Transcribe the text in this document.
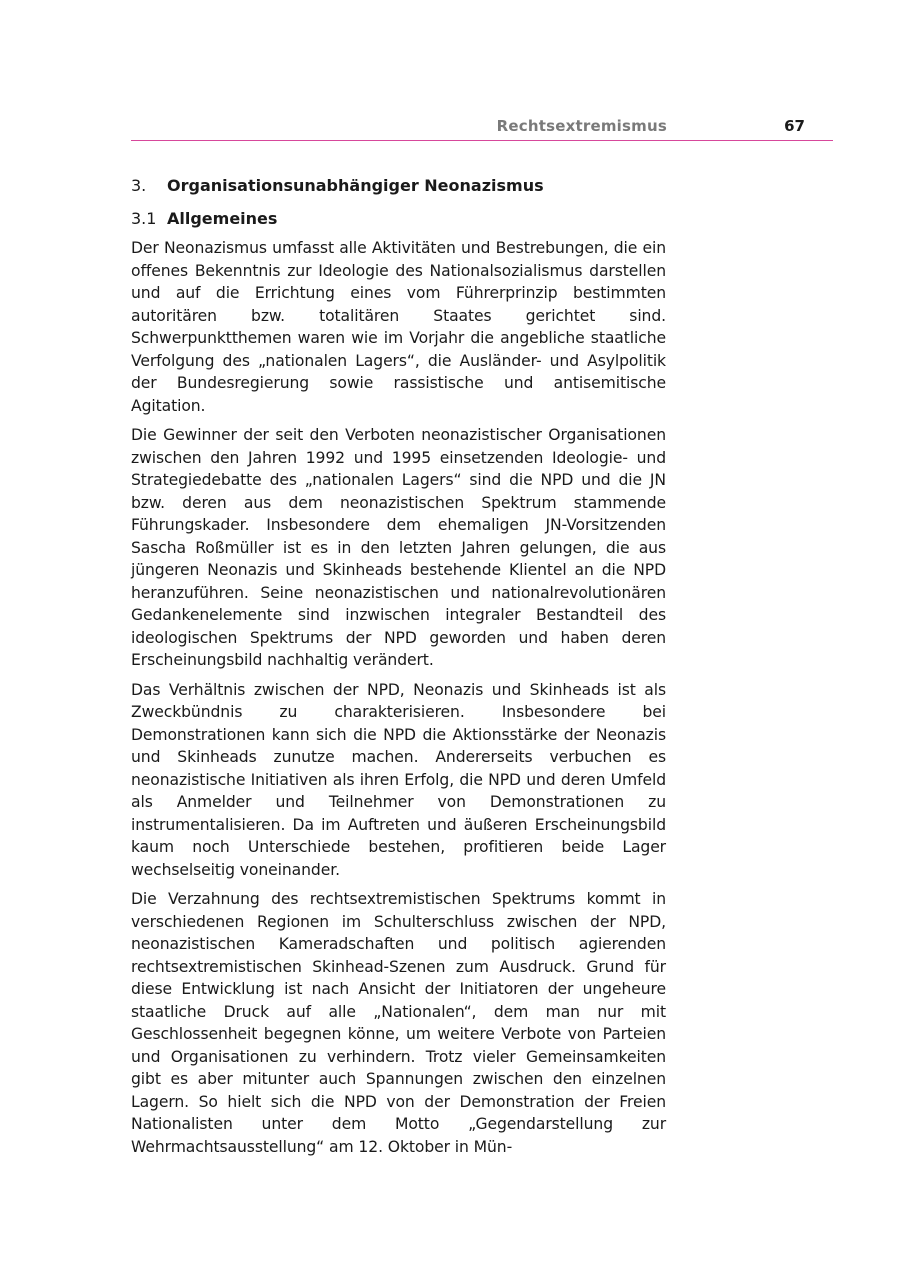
Rechtsextremismus	67
3. Organisationsunabhängiger Neonazismus
3.1 Allgemeines

Der Neonazismus umfasst alle Aktivitäten und Bestrebungen, die ein offenes Bekenntnis zur Ideologie des Nationalsozialismus darstellen und auf die Errichtung eines vom Führerprinzip bestimmten autoritären bzw. totalitären Staates gerichtet sind. Schwerpunktthemen waren wie im Vorjahr die angebliche staatliche Verfolgung des „nationalen Lagers“, die Ausländer- und Asylpolitik der Bundesregierung sowie rassistische und antisemitische Agitation.

Die Gewinner der seit den Verboten neonazistischer Organisationen zwischen den Jahren 1992 und 1995 einsetzenden Ideologie- und Strategiedebatte des „nationalen Lagers“ sind die NPD und die JN bzw. deren aus dem neonazistischen Spektrum stammende Führungskader. Insbesondere dem ehemaligen JN-Vorsitzenden Sascha Roßmüller ist es in den letzten Jahren gelungen, die aus jüngeren Neonazis und Skinheads bestehende Klientel an die NPD heranzuführen. Seine neonazistischen und nationalrevolutionären Gedankenelemente sind inzwischen integraler Bestandteil des ideologischen Spektrums der NPD geworden und haben deren Erscheinungsbild nachhaltig verändert.

Das Verhältnis zwischen der NPD, Neonazis und Skinheads ist als Zweckbündnis zu charakterisieren. Insbesondere bei Demonstrationen kann sich die NPD die Aktionsstärke der Neonazis und Skinheads zunutze machen. Andererseits verbuchen es neonazistische Initiativen als ihren Erfolg, die NPD und deren Umfeld als Anmelder und Teilnehmer von Demonstrationen zu instrumentalisieren. Da im Auftreten und äußeren Erscheinungsbild kaum noch Unterschiede bestehen, profitieren beide Lager wechselseitig voneinander.

Die Verzahnung des rechtsextremistischen Spektrums kommt in verschiedenen Regionen im Schulterschluss zwischen der NPD, neonazistischen Kameradschaften und politisch agierenden rechtsextremistischen Skinhead-Szenen zum Ausdruck. Grund für diese Entwicklung ist nach Ansicht der Initiatoren der ungeheure staatliche Druck auf alle „Nationalen“, dem man nur mit Geschlossenheit begegnen könne, um weitere Verbote von Parteien und Organisationen zu verhindern. Trotz vieler Gemeinsamkeiten gibt es aber mitunter auch Spannungen zwischen den einzelnen Lagern. So hielt sich die NPD von der Demonstration der Freien Nationalisten unter dem Motto „Gegendarstellung zur Wehrmachtsausstellung“ am 12. Oktober in Mün-
